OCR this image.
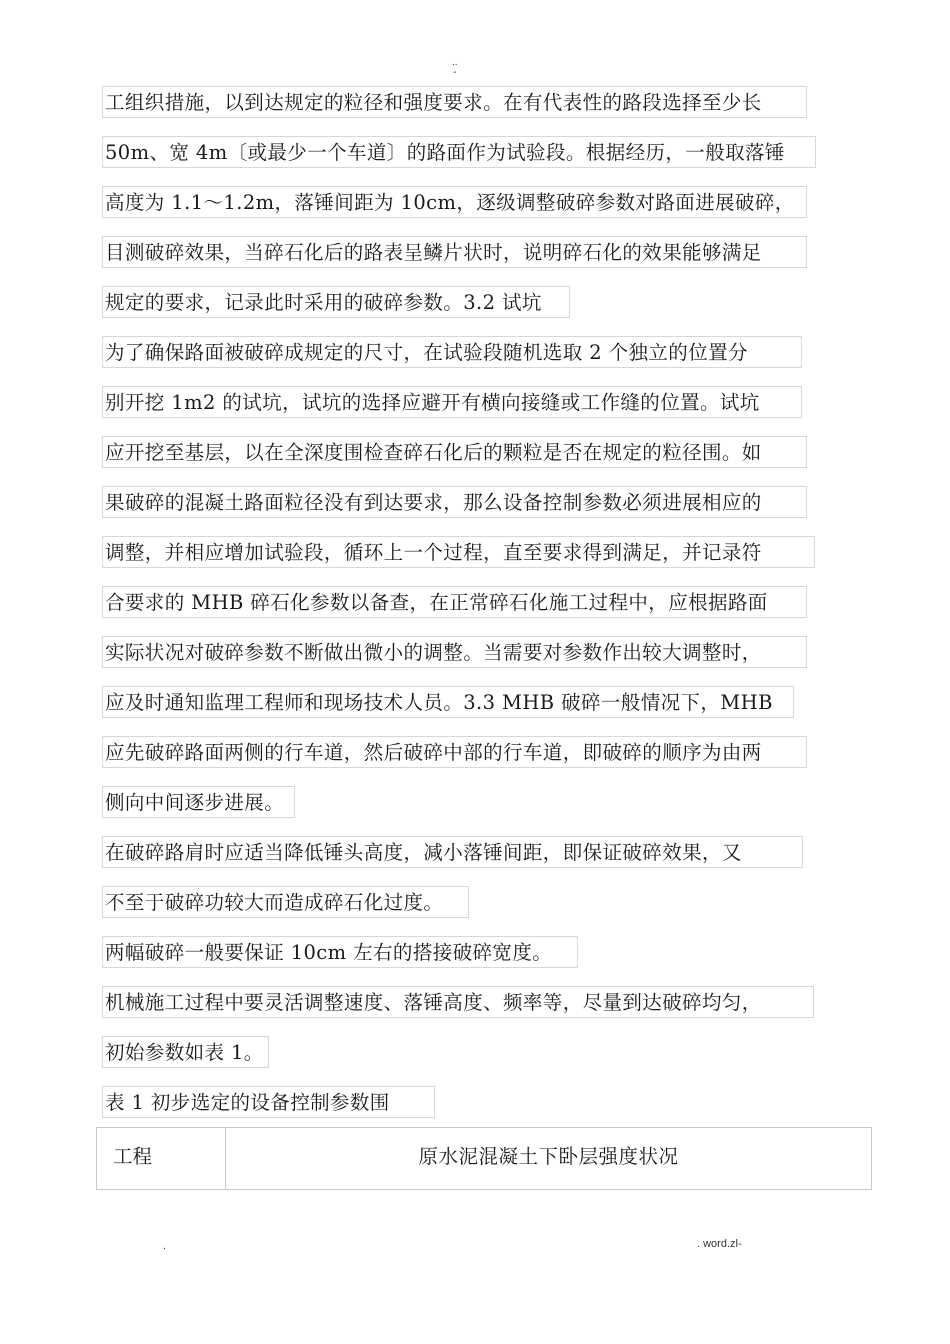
..
-
工组织措施，以到达规定的粒径和强度要求。在有代表性的路段选择至少长
50m、宽 4m〔或最少一个车道〕的路面作为试验段。根据经历，一般取落锤
高度为 1.1～1.2m，落锤间距为 10cm，逐级调整破碎参数对路面进展破碎，
目测破碎效果，当碎石化后的路表呈鳞片状时，说明碎石化的效果能够满足
规定的要求，记录此时采用的破碎参数。3.2 试坑
为了确保路面被破碎成规定的尺寸，在试验段随机选取 2 个独立的位置分
别开挖 1m2 的试坑，试坑的选择应避开有横向接缝或工作缝的位置。试坑
应开挖至基层，以在全深度围检查碎石化后的颗粒是否在规定的粒径围。如
果破碎的混凝土路面粒径没有到达要求，那么设备控制参数必须进展相应的
调整，并相应增加试验段，循环上一个过程，直至要求得到满足，并记录符
合要求的 MHB 碎石化参数以备查，在正常碎石化施工过程中，应根据路面
实际状况对破碎参数不断做出微小的调整。当需要对参数作出较大调整时，
应及时通知监理工程师和现场技术人员。3.3 MHB 破碎一般情况下，MHB
应先破碎路面两侧的行车道，然后破碎中部的行车道，即破碎的顺序为由两
侧向中间逐步进展。
在破碎路肩时应适当降低锤头高度，减小落锤间距，即保证破碎效果，又
不至于破碎功较大而造成碎石化过度。
两幅破碎一般要保证 10cm 左右的搭接破碎宽度。
机械施工过程中要灵活调整速度、落锤高度、频率等，尽量到达破碎均匀，
初始参数如表 1。
表 1 初步选定的设备控制参数围
工程	原水泥混凝土下卧层强度状况
.	. word.zl-
